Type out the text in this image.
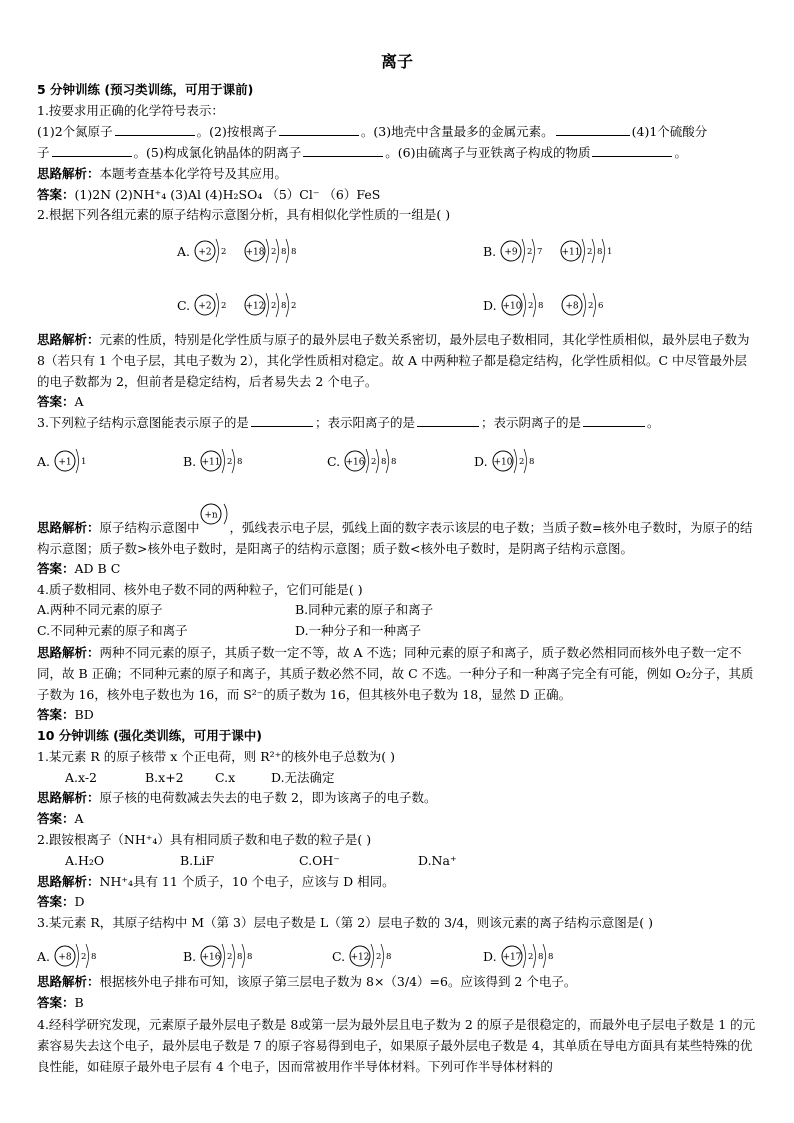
离子
5 分钟训练 (预习类训练，可用于课前)
1.按要求用正确的化学符号表示：
(1)2个氮原子	。(2)按根离子	。(3)地壳中含量最多的金属元素。	(4)1个硫酸分
子	。(5)构成氯化钠晶体的阴离子	。(6)由硫离子与亚铁离子构成的物质	。
思路解析：本题考查基本化学符号及其应用。
答案：(1)2N (2)NH⁺₄ (3)Al (4)H₂SO₄ （5）Cl⁻ （6）FeS
2.根据下列各组元素的原子结构示意图分析，具有相似化学性质的一组是( )
A. +2 2 +18 2 8 8	B. +9 2 7 +11 2 8 1
C. +2 2 +12 2 8 2	D. +10 2 8 +8 2 6
思路解析：元素的性质，特别是化学性质与原子的最外层电子数关系密切，最外层电子数相同，其化学性质相似，最外层电子数为 8（若只有 1 个电子层，其电子数为 2），其化学性质相对稳定。故 A 中两种粒子都是稳定结构，化学性质相似。C 中尽管最外层的电子数都为 2，但前者是稳定结构，后者易失去 2 个电子。
答案：A
3.下列粒子结构示意图能表示原子的是	；表示阳离子的是	；表示阴离子的是	。
A. +1 1	B. +11 2 8	C. +16 2 8 8	D. +10 2 8
思路解析：原子结构示意图中
+n
，弧线表示电子层，弧线上面的数字表示该层的电子数；当质子数=核外电子数时，为原子的结构示意图；质子数>核外电子数时，是阳离子的结构示意图；质子数<核外电子数时，是阴离子结构示意图。
答案：AD B C
4.质子数相同、核外电子数不同的两种粒子，它们可能是( )
A.两种不同元素的原子	B.同种元素的原子和离子
C.不同种元素的原子和离子	D.一种分子和一种离子
思路解析：两种不同元素的原子，其质子数一定不等，故 A 不选；同种元素的原子和离子，质子数必然相同而核外电子数一定不同，故 B 正确；不同种元素的原子和离子，其质子数必然不同，故 C 不选。一种分子和一种离子完全有可能，例如 O₂分子，其质子数为 16，核外电子数也为 16，而 S²⁻的质子数为 16，但其核外电子数为 18，显然 D 正确。
答案：BD
10 分钟训练 (强化类训练，可用于课中)
1.某元素 R 的原子核带 x 个正电荷，则 R²⁺的核外电子总数为( )
A.x-2	B.x+2	C.x	D.无法确定
思路解析：原子核的电荷数减去失去的电子数 2，即为该离子的电子数。
答案：A
2.跟铵根离子（NH⁺₄）具有相同质子数和电子数的粒子是( )
A.H₂O	B.LiF	C.OH⁻	D.Na⁺
思路解析：NH⁺₄具有 11 个质子，10 个电子，应该与 D 相同。
答案：D
3.某元素 R，其原子结构中 M（第 3）层电子数是 L（第 2）层电子数的 3/4，则该元素的离子结构示意图是( )
A. +8 2 8	B. +16 2 8 8	C. +12 2 8	D. +17 2 8 8
思路解析：根据核外电子排布可知，该原子第三层电子数为 8×（3/4）=6。应该得到 2 个电子。
答案：B
4.经科学研究发现，元素原子最外层电子数是 8或第一层为最外层且电子数为 2 的原子是很稳定的，而最外电子层电子数是 1 的元素容易失去这个电子，最外层电子数是 7 的原子容易得到电子，如果原子最外层电子数是 4，其单质在导电方面具有某些特殊的优良性能，如硅原子最外电子层有 4 个电子，因而常被用作半导体材料。下列可作半导体材料的
